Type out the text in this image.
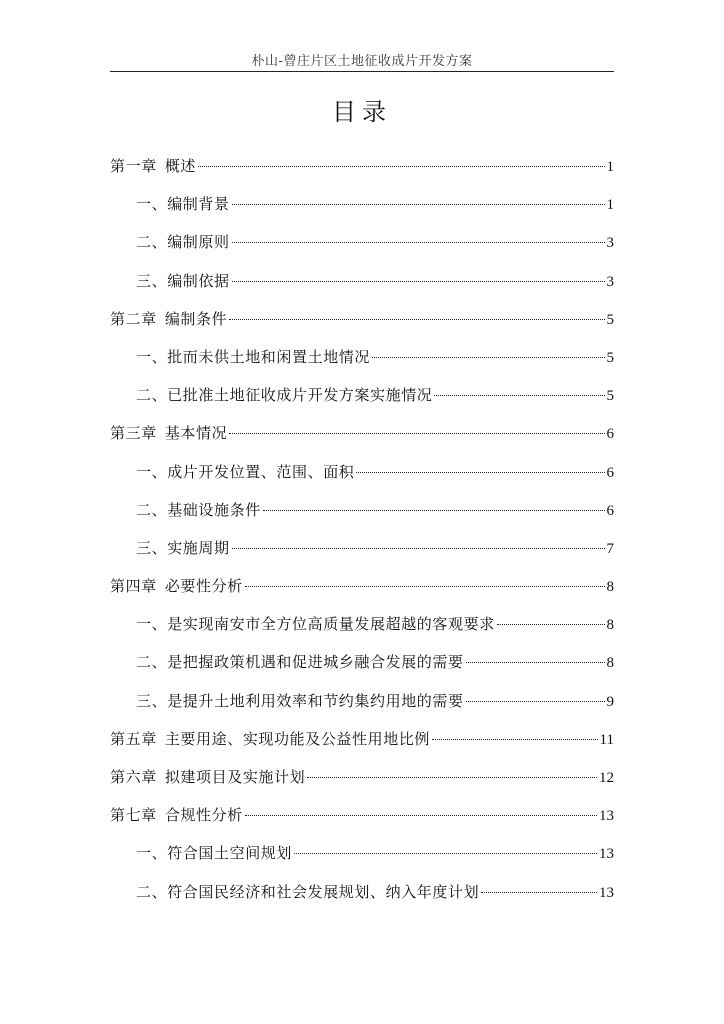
朴山-曾庄片区土地征收成片开发方案
目录
第一章 概述	1
一、编制背景	1
二、编制原则	3
三、编制依据	3
第二章 编制条件	5
一、批而未供土地和闲置土地情况	5
二、已批准土地征收成片开发方案实施情况	5
第三章 基本情况	6
一、成片开发位置、范围、面积	6
二、基础设施条件	6
三、实施周期	7
第四章 必要性分析	8
一、是实现南安市全方位高质量发展超越的客观要求	8
二、是把握政策机遇和促进城乡融合发展的需要	8
三、是提升土地利用效率和节约集约用地的需要	9
第五章 主要用途、实现功能及公益性用地比例	11
第六章 拟建项目及实施计划	12
第七章 合规性分析	13
一、符合国土空间规划	13
二、符合国民经济和社会发展规划、纳入年度计划	13
